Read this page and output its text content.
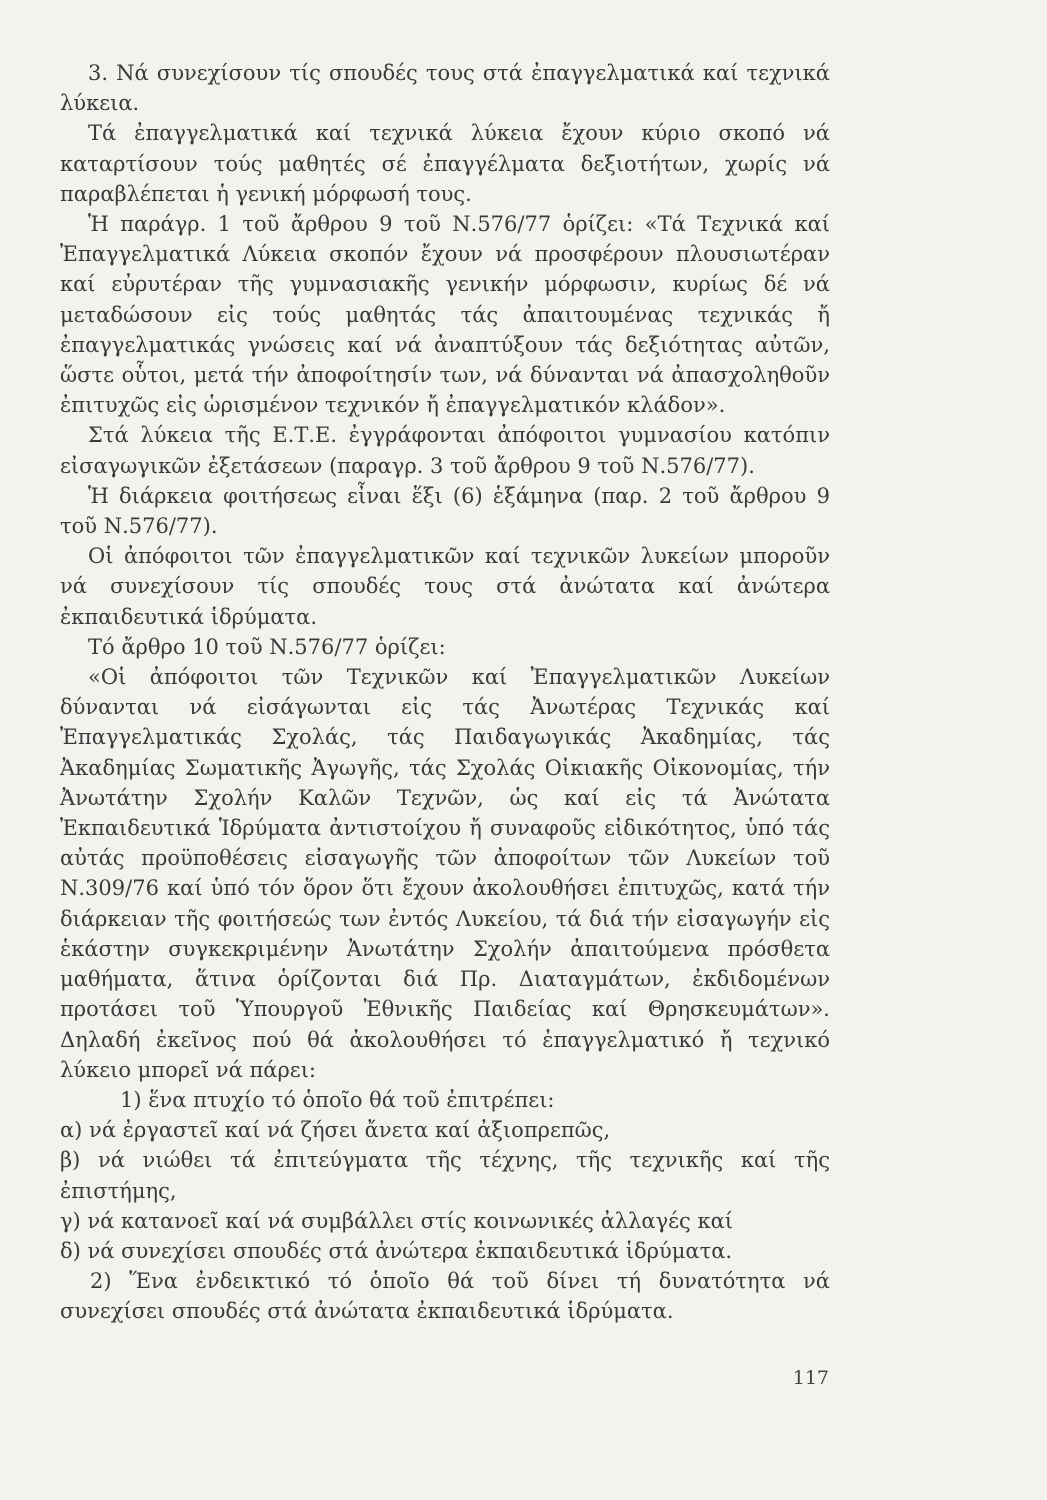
3. Νά συνεχίσουν τίς σπουδές τους στά ἐπαγγελματικά καί τεχνικά λύκεια.

Τά ἐπαγγελματικά καί τεχνικά λύκεια ἔχουν κύριο σκοπό νά καταρτίσουν τούς μαθητές σέ ἐπαγγέλματα δεξιοτήτων, χωρίς νά παραβλέπεται ἡ γενική μόρφωσή τους.

Ἡ παράγρ. 1 τοῦ ἄρθρου 9 τοῦ Ν.576/77 ὁρίζει: «Τά Τεχνικά καί Ἐπαγγελματικά Λύκεια σκοπόν ἔχουν νά προσφέρουν πλουσιωτέραν καί εὐρυτέραν τῆς γυμνασιακῆς γενικήν μόρφωσιν, κυρίως δέ νά μεταδώσουν εἰς τούς μαθητάς τάς ἀπαιτουμένας τεχνικάς ἤ ἐπαγγελματικάς γνώσεις καί νά ἀναπτύξουν τάς δεξιότητας αὐτῶν, ὥστε οὗτοι, μετά τήν ἀποφοίτησίν των, νά δύνανται νά ἀπασχοληθοῦν ἐπιτυχῶς εἰς ὡρισμένον τεχνικόν ἤ ἐπαγγελματικόν κλάδον».

Στά λύκεια τῆς Ε.Τ.Ε. ἐγγράφονται ἀπόφοιτοι γυμνασίου κατόπιν εἰσαγωγικῶν ἐξετάσεων (παραγρ. 3 τοῦ ἄρθρου 9 τοῦ Ν.576/77).

Ἡ διάρκεια φοιτήσεως εἶναι ἕξι (6) ἑξάμηνα (παρ. 2 τοῦ ἄρθρου 9 τοῦ Ν.576/77).

Οἱ ἀπόφοιτοι τῶν ἐπαγγελματικῶν καί τεχνικῶν λυκείων μποροῦν νά συνεχίσουν τίς σπουδές τους στά ἀνώτατα καί ἀνώτερα ἐκπαιδευτικά ἱδρύματα.

Τό ἄρθρο 10 τοῦ Ν.576/77 ὁρίζει:

«Οἱ ἀπόφοιτοι τῶν Τεχνικῶν καί Ἐπαγγελματικῶν Λυκείων δύνανται νά εἰσάγωνται εἰς τάς Ἀνωτέρας Τεχνικάς καί Ἐπαγγελματικάς Σχολάς, τάς Παιδαγωγικάς Ἀκαδημίας, τάς Ἀκαδημίας Σωματικῆς Ἀγωγῆς, τάς Σχολάς Οἰκιακῆς Οἰκονομίας, τήν Ἀνωτάτην Σχολήν Καλῶν Τεχνῶν, ὡς καί εἰς τά Ἀνώτατα Ἐκπαιδευτικά Ἱδρύματα ἀντιστοίχου ἤ συναφοῦς εἰδικότητος, ὑπό τάς αὐτάς προϋποθέσεις εἰσαγωγῆς τῶν ἀποφοίτων τῶν Λυκείων τοῦ Ν.309/76 καί ὑπό τόν ὅρον ὅτι ἔχουν ἀκολουθήσει ἐπιτυχῶς, κατά τήν διάρκειαν τῆς φοιτήσεώς των ἐντός Λυκείου, τά διά τήν εἰσαγωγήν εἰς ἑκάστην συγκεκριμένην Ἀνωτάτην Σχολήν ἀπαιτούμενα πρόσθετα μαθήματα, ἅτινα ὁρίζονται διά Πρ. Διαταγμάτων, ἐκδιδομένων προτάσει τοῦ Ὑπουργοῦ Ἐθνικῆς Παιδείας καί Θρησκευμάτων». Δηλαδή ἐκεῖνος πού θά ἀκολουθήσει τό ἐπαγγελματικό ἤ τεχνικό λύκειο μπορεῖ νά πάρει:

1) ἕνα πτυχίο τό ὁποῖο θά τοῦ ἐπιτρέπει:

α) νά ἐργαστεῖ καί νά ζήσει ἄνετα καί ἀξιοπρεπῶς,

β) νά νιώθει τά ἐπιτεύγματα τῆς τέχνης, τῆς τεχνικῆς καί τῆς ἐπιστήμης,

γ) νά κατανοεῖ καί νά συμβάλλει στίς κοινωνικές ἀλλαγές καί

δ) νά συνεχίσει σπουδές στά ἀνώτερα ἐκπαιδευτικά ἱδρύματα.

2) Ἕνα ἐνδεικτικό τό ὁποῖο θά τοῦ δίνει τή δυνατότητα νά συνεχίσει σπουδές στά ἀνώτατα ἐκπαιδευτικά ἱδρύματα.

117
